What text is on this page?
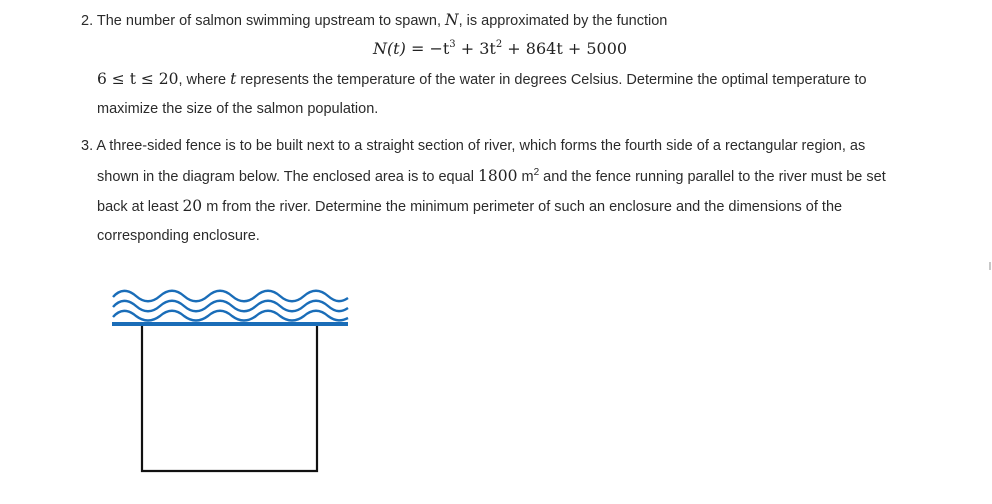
2. The number of salmon swimming upstream to spawn, N, is approximated by the function
$N(t) = -t^3 + 3t^2 + 864t + 5000$
6 ≤ t ≤ 20, where t represents the temperature of the water in degrees Celsius. Determine the optimal temperature to
maximize the size of the salmon population.
3. A three-sided fence is to be built next to a straight section of river, which forms the fourth side of a rectangular region, as
shown in the diagram below. The enclosed area is to equal 1800 $m^2$ and the fence running parallel to the river must be set
back at least 20 m from the river. Determine the minimum perimeter of such an enclosure and the dimensions of the
corresponding enclosure.
